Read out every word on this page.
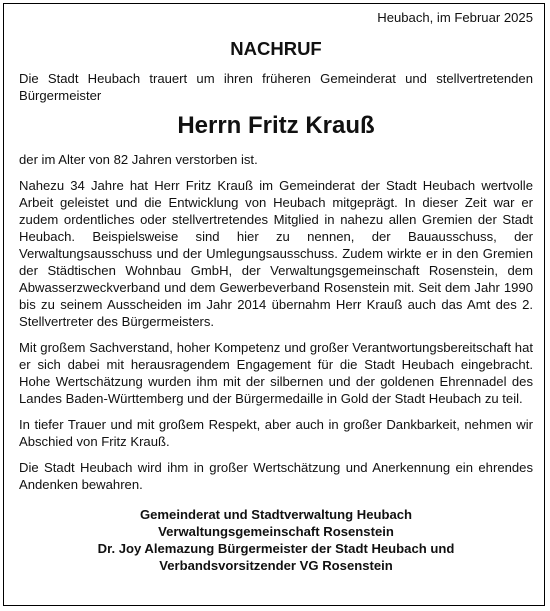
Heubach, im Februar 2025

NACHRUF

Die Stadt Heubach trauert um ihren früheren Gemeinderat und stellvertretenden Bürgermeister

Herrn Fritz Krauß

der im Alter von 82 Jahren verstorben ist.

Nahezu 34 Jahre hat Herr Fritz Krauß im Gemeinderat der Stadt Heubach wertvolle Arbeit geleistet und die Entwicklung von Heubach mitgeprägt. In dieser Zeit war er zudem ordentliches oder stellvertretendes Mitglied in nahezu allen Gremien der Stadt Heubach. Beispielsweise sind hier zu nennen, der Bauausschuss, der Verwaltungsausschuss und der Umlegungsausschuss. Zudem wirkte er in den Gremien der Städtischen Wohnbau GmbH, der Verwaltungsgemeinschaft Rosenstein, dem Abwasserzweckverband und dem Gewerbeverband Rosenstein mit. Seit dem Jahr 1990 bis zu seinem Ausscheiden im Jahr 2014 übernahm Herr Krauß auch das Amt des 2. Stellvertreter des Bürgermeisters.

Mit großem Sachverstand, hoher Kompetenz und großer Verantwortungsbereitschaft hat er sich dabei mit herausragendem Engagement für die Stadt Heubach eingebracht. Hohe Wertschätzung wurden ihm mit der silbernen und der goldenen Ehrennadel des Landes Baden-Württemberg und der Bürgermedaille in Gold der Stadt Heubach zu teil.

In tiefer Trauer und mit großem Respekt, aber auch in großer Dankbarkeit, nehmen wir Abschied von Fritz Krauß.

Die Stadt Heubach wird ihm in großer Wertschätzung und Anerkennung ein ehrendes Andenken bewahren.

Gemeinderat und Stadtverwaltung Heubach
Verwaltungsgemeinschaft Rosenstein
Dr. Joy Alemazung Bürgermeister der Stadt Heubach und
Verbandsvorsitzender VG Rosenstein
